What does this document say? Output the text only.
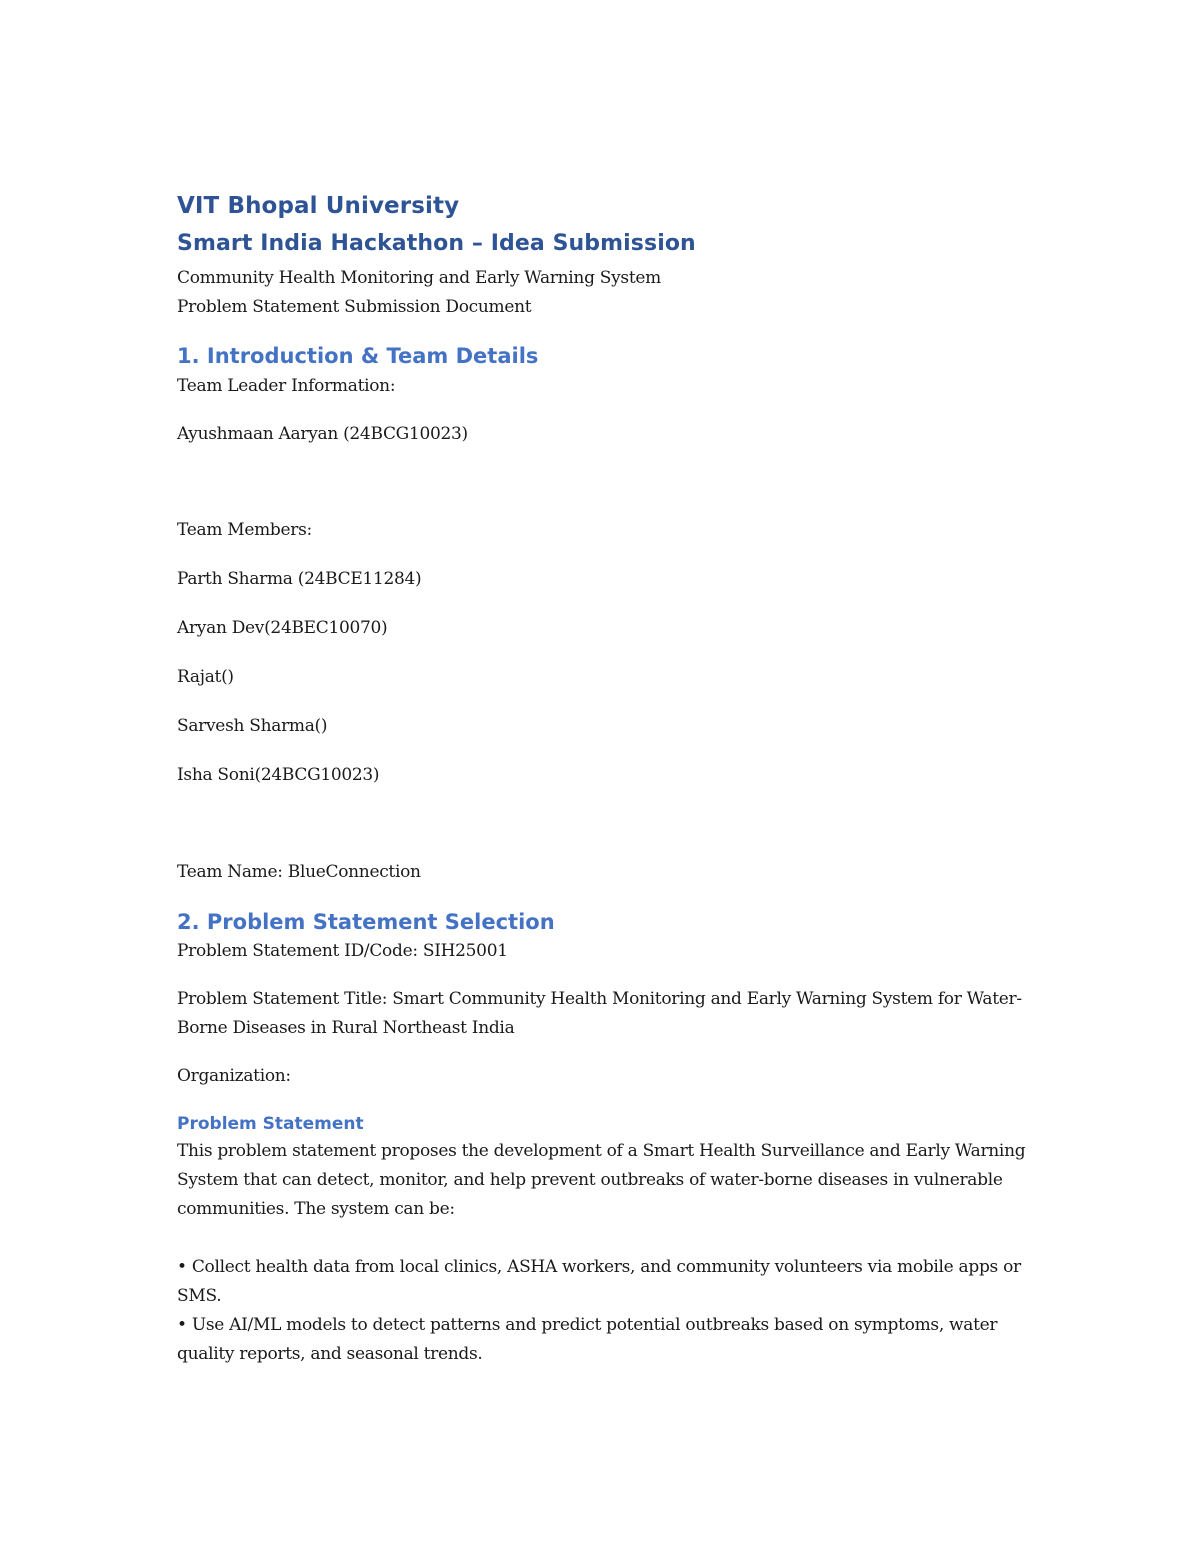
VIT Bhopal University
Smart India Hackathon – Idea Submission

Community Health Monitoring and Early Warning System

Problem Statement Submission Document

1. Introduction & Team Details

Team Leader Information:

Ayushmaan Aaryan (24BCG10023)

Team Members:

Parth Sharma (24BCE11284)

Aryan Dev(24BEC10070)

Rajat()

Sarvesh Sharma()

Isha Soni(24BCG10023)

Team Name: BlueConnection

2. Problem Statement Selection

Problem Statement ID/Code: SIH25001

Problem Statement Title: Smart Community Health Monitoring and Early Warning System for Water-Borne Diseases in Rural Northeast India

Organization:

Problem Statement

This problem statement proposes the development of a Smart Health Surveillance and Early Warning System that can detect, monitor, and help prevent outbreaks of water-borne diseases in vulnerable communities. The system can be:

• Collect health data from local clinics, ASHA workers, and community volunteers via mobile apps or SMS.

• Use AI/ML models to detect patterns and predict potential outbreaks based on symptoms, water quality reports, and seasonal trends.
